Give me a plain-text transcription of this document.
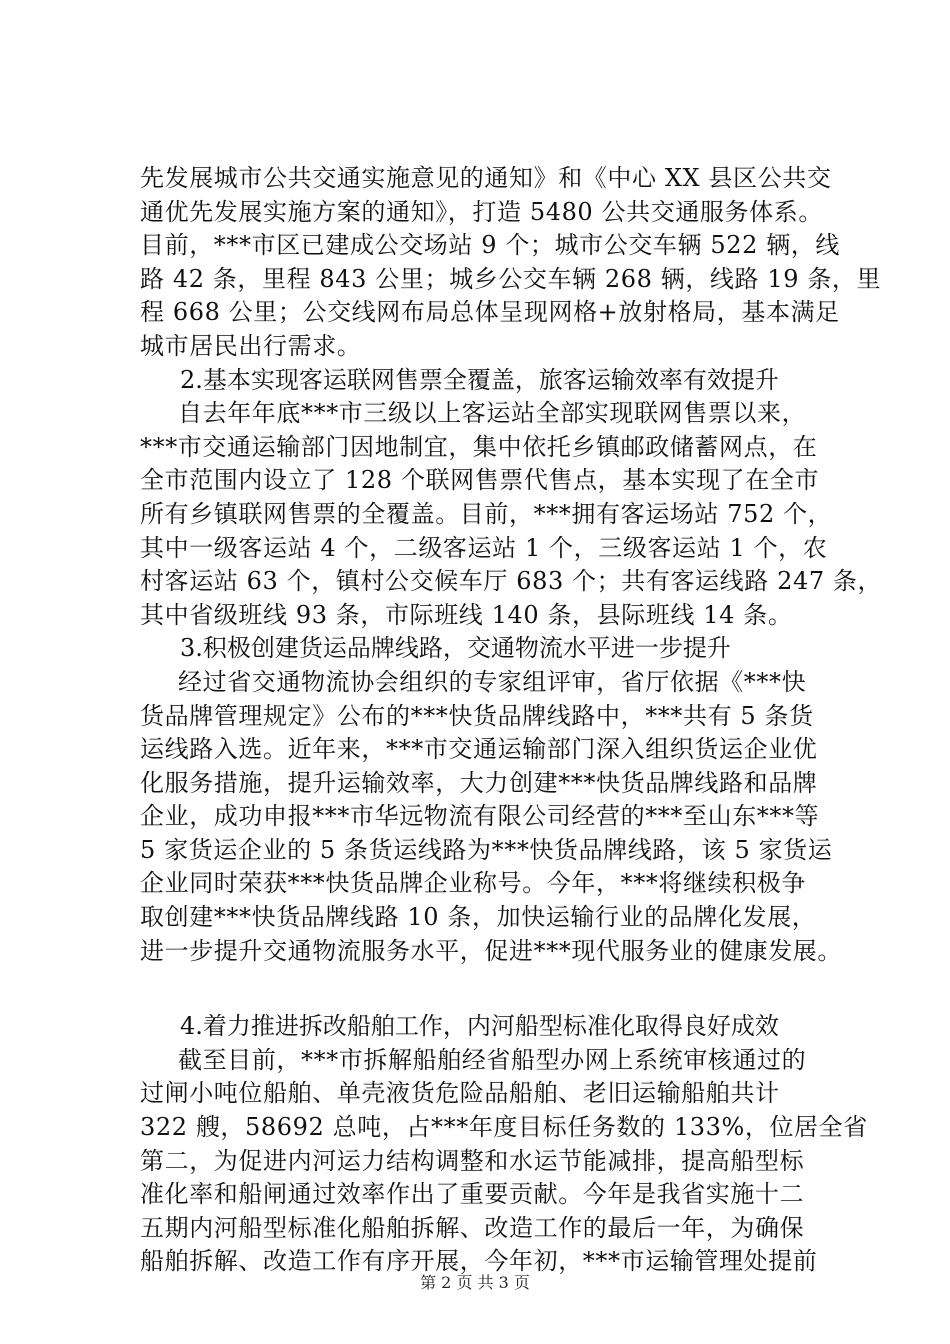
先发展城市公共交通实施意见的通知》和《中心 XX 县区公共交
通优先发展实施方案的通知》，打造 5480 公共交通服务体系。
目前，***市区已建成公交场站 9 个；城市公交车辆 522 辆，线
路 42 条，里程 843 公里；城乡公交车辆 268 辆，线路 19 条，里
程 668 公里；公交线网布局总体呈现网格+放射格局，基本满足
城市居民出行需求。
2.基本实现客运联网售票全覆盖，旅客运输效率有效提升
自去年年底***市三级以上客运站全部实现联网售票以来，
***市交通运输部门因地制宜，集中依托乡镇邮政储蓄网点，在
全市范围内设立了 128 个联网售票代售点，基本实现了在全市
所有乡镇联网售票的全覆盖。目前，***拥有客运场站 752 个，
其中一级客运站 4 个，二级客运站 1 个，三级客运站 1 个，农
村客运站 63 个，镇村公交候车厅 683 个；共有客运线路 247 条，
其中省级班线 93 条，市际班线 140 条，县际班线 14 条。
3.积极创建货运品牌线路，交通物流水平进一步提升
经过省交通物流协会组织的专家组评审，省厅依据《***快
货品牌管理规定》公布的***快货品牌线路中，***共有 5 条货
运线路入选。近年来，***市交通运输部门深入组织货运企业优
化服务措施，提升运输效率，大力创建***快货品牌线路和品牌
企业，成功申报***市华远物流有限公司经营的***至山东***等
5 家货运企业的 5 条货运线路为***快货品牌线路，该 5 家货运
企业同时荣获***快货品牌企业称号。今年，***将继续积极争
取创建***快货品牌线路 10 条，加快运输行业的品牌化发展，
进一步提升交通物流服务水平，促进***现代服务业的健康发展。
4.着力推进拆改船舶工作，内河船型标准化取得良好成效
截至目前，***市拆解船舶经省船型办网上系统审核通过的
过闸小吨位船舶、单壳液货危险品船舶、老旧运输船舶共计
322 艘，58692 总吨，占***年度目标任务数的 133%，位居全省
第二，为促进内河运力结构调整和水运节能减排，提高船型标
准化率和船闸通过效率作出了重要贡献。今年是我省实施十二
五期内河船型标准化船舶拆解、改造工作的最后一年，为确保
船舶拆解、改造工作有序开展，今年初，***市运输管理处提前
第 2 页 共 3 页
